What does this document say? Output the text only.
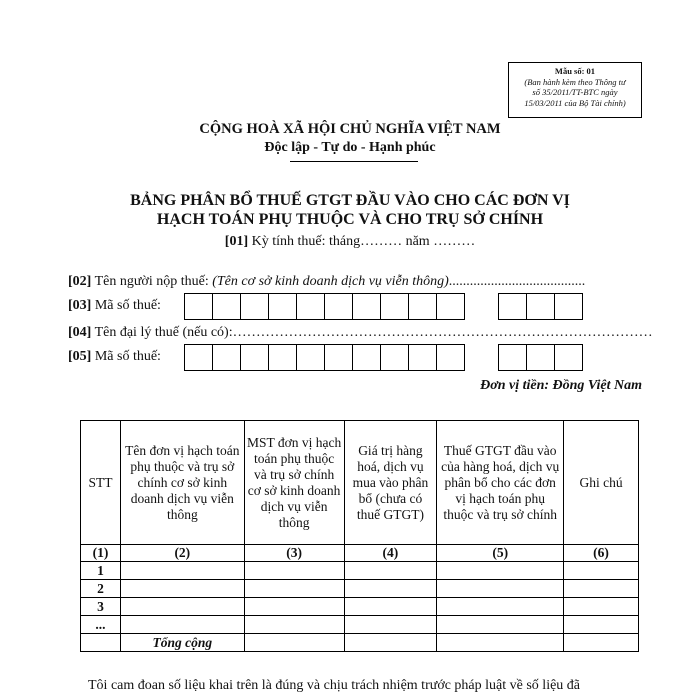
Mẫu số: 01
(Ban hành kèm theo Thông tư
số 35/2011/TT-BTC ngày
15/03/2011 của Bộ Tài chính)
CỘNG HOÀ XÃ HỘI CHỦ NGHĨA VIỆT NAM
Độc lập - Tự do - Hạnh phúc
BẢNG PHÂN BỔ THUẾ GTGT ĐẦU VÀO CHO CÁC ĐƠN VỊ
HẠCH TOÁN PHỤ THUỘC VÀ CHO TRỤ SỞ CHÍNH
[01] Kỳ tính thuế: tháng……… năm ………
[02] Tên người nộp thuế: (Tên cơ sở kinh doanh dịch vụ viễn thông).......................................
[03] Mã số thuế:
[04] Tên đại lý thuế (nếu có):………………………………………………………………………………
[05] Mã số thuế:
Đơn vị tiền: Đồng Việt Nam
STT	Tên đơn vị hạch toán phụ thuộc và trụ sở chính cơ sở kinh doanh dịch vụ viễn thông	MST đơn vị hạch toán phụ thuộc và trụ sở chính cơ sở kinh doanh dịch vụ viễn thông	Giá trị hàng hoá, dịch vụ mua vào phân bổ (chưa có thuế GTGT)	Thuế GTGT đầu vào của hàng hoá, dịch vụ phân bổ cho các đơn vị hạch toán phụ thuộc và trụ sở chính	Ghi chú
(1)	(2)	(3)	(4)	(5)	(6)
1					
2					
3					
...					
	Tổng cộng				
Tôi cam đoan số liệu khai trên là đúng và chịu trách nhiệm trước pháp luật về số liệu đã
